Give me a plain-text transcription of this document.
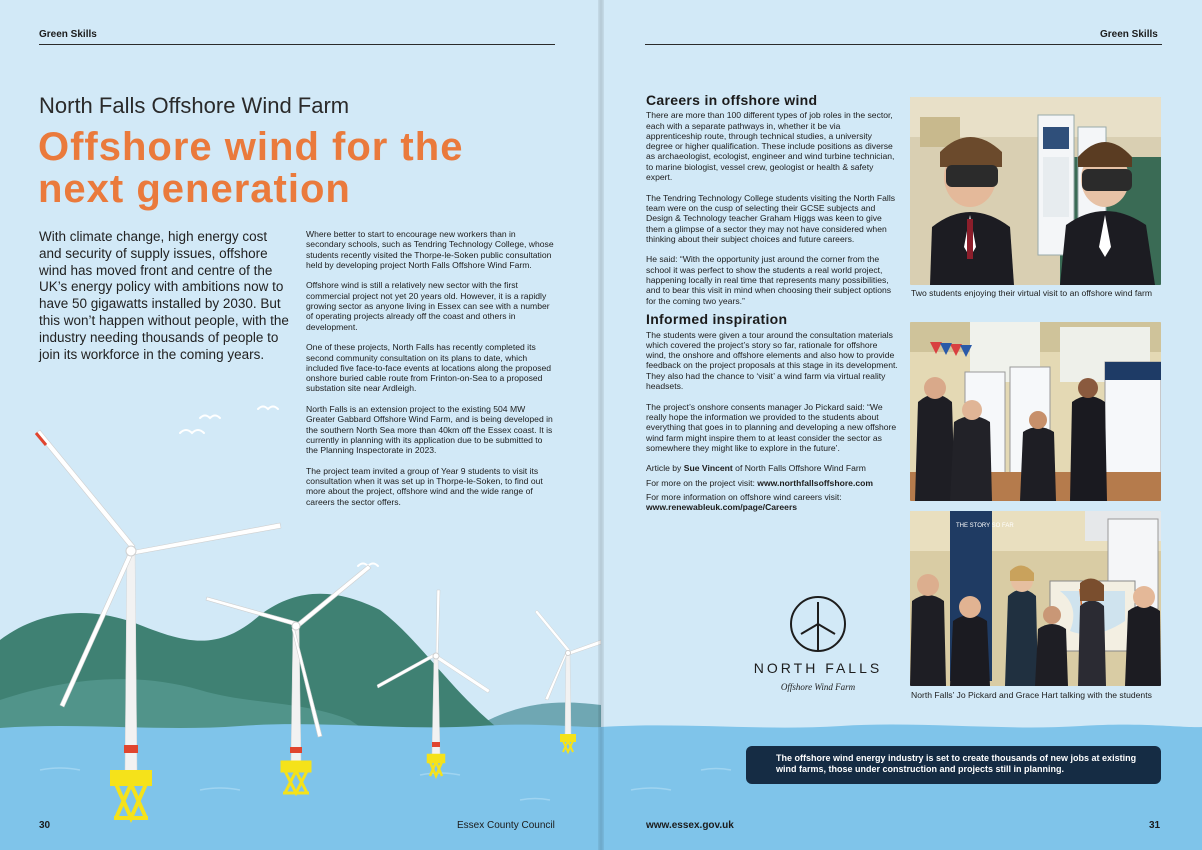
Green Skills
North Falls Offshore Wind Farm
Offshore wind for the next generation

With climate change, high energy cost and security of supply issues, offshore wind has moved front and centre of the UK’s energy policy with ambitions now to have 50 gigawatts installed by 2030. But this won’t happen without people, with the industry needing thousands of people to join its workforce in the coming years.

Where better to start to encourage new workers than in secondary schools, such as Tendring Technology College, whose students recently visited the Thorpe-le-Soken public consultation held by developing project North Falls Offshore Wind Farm.

Offshore wind is still a relatively new sector with the first commercial project not yet 20 years old. However, it is a rapidly growing sector as anyone living in Essex can see with a number of operating projects already off the coast and others in development.

One of these projects, North Falls has recently completed its second community consultation on its plans to date, which included five face-to-face events at locations along the proposed onshore buried cable route from Frinton-on-Sea to a proposed substation site near Ardleigh.

North Falls is an extension project to the existing 504 MW Greater Gabbard Offshore Wind Farm, and is being developed in the southern North Sea more than 40km off the Essex coast. It is currently in planning with its application due to be submitted to the Planning Inspectorate in 2023.

The project team invited a group of Year 9 students to visit its consultation when it was set up in Thorpe-le-Soken, to find out more about the project, offshore wind and the wide range of careers the sector offers.

30	Essex County Council
Green Skills
Careers in offshore wind

There are more than 100 different types of job roles in the sector, each with a separate pathways in, whether it be via apprenticeship route, through technical studies, a university degree or higher qualification. These include positions as diverse as archaeologist, ecologist, engineer and wind turbine technician, to marine biologist, vessel crew, geologist or health & safety expert.

The Tendring Technology College students visiting the North Falls team were on the cusp of selecting their GCSE subjects and Design & Technology teacher Graham Higgs was keen to give them a glimpse of a sector they may not have considered when thinking about their subject choices and future careers.

He said: “With the opportunity just around the corner from the school it was perfect to show the students a real world project, happening locally in real time that represents many possibilities, and to bear this visit in mind when choosing their subject options for the coming two years.”

Informed inspiration

The students were given a tour around the consultation materials which covered the project’s story so far, rationale for offshore wind, the onshore and offshore elements and also how to provide feedback on the project proposals at this stage in its development. They also had the chance to ‘visit’ a wind farm via virtual reality headsets.

The project’s onshore consents manager Jo Pickard said: “We really hope the information we provided to the students about everything that goes in to planning and developing a new offshore wind farm might inspire them to at least consider the sector as somewhere they might like to explore in the future’.

Article by Sue Vincent of North Falls Offshore Wind Farm

For more on the project visit: www.northfallsoffshore.com

For more information on offshore wind careers visit:
www.renewableuk.com/page/Careers

NORTH FALLS
Offshore Wind Farm
Two students enjoying their virtual visit to an offshore wind farm
THE STORY SO FAR
North Falls’ Jo Pickard and Grace Hart talking with the students
The offshore wind energy industry is set to create thousands of new jobs at existing wind farms, those under construction and projects still in planning.
www.essex.gov.uk	31
